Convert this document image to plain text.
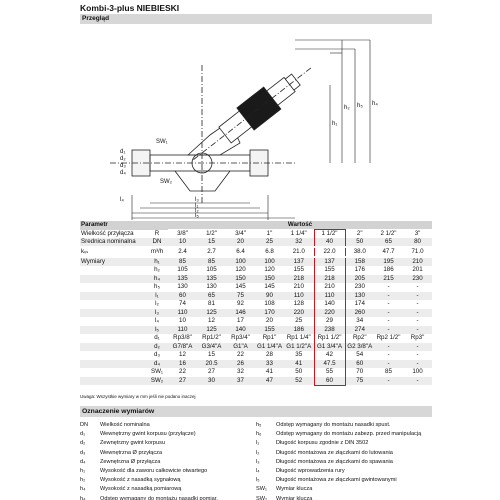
Kombi-3-plus NIEBIESKI
Przegląd
h₄
h₅
h₂
h₁
SW₁
SW₂
l₃
l₁
l₂
l₄
l₅
d₁
d₂
d₃
d₄
Parametr		Wartość								
Wielkość przyłącza	R	3/8"	1/2"	3/4"	1"	1 1/4"	1 1/2"	2"	2 1/2"	3"
Średnica nominalna	DN	10	15	20	25	32	40	50	65	80
kᵥₛ	m³/h	2.4	2.7	6.4	6.8	21.0	22.0	38.0	47.7	71.0
Wymiary	h₁	85	85	100	100	137	137	158	195	210
	h₂	105	105	120	120	155	155	176	186	201
	h₄	135	135	150	150	218	218	205	215	230
	h₅	130	130	145	145	210	210	230	-	-
	l₁	60	65	75	90	110	110	130	-	-
	l₂	74	81	92	108	128	140	174	-	-
	l₃	110	125	146	170	220	220	260	-	-
	l₄	10	12	17	20	25	29	34	-	-
	l₅	110	125	140	155	186	238	274	-	-
	d₁	Rp3/8"	Rp1/2"	Rp3/4"	Rp1"	Rp1 1/4"	Rp1 1/2"	Rp2"	Rp2 1/2"	Rp3"
	d₂	G7/8"A	G3/4"A	G1"A	G1 1/4"A	G1 1/2"A	G1 3/4"A	G2 3/8"A	-	-
	d₃	12	15	22	28	35	42	54	-	-
	d₄	16	20.5	26	33	41	47.5	60	-	-
	SW₁	22	27	32	41	50	55	70	85	100
	SW₂	27	30	37	47	52	60	75	-	-
Uwaga: Wszystkie wymiary w mm jeśli nie podano inaczej
Oznaczenie wymiarów
DN	Wielkość nominalna
d₁	Wewnętrzny gwint korpusu (przyłącze)
d₂	Zewnętrzny gwint korpusu
d₃	Wewnętrzna Ø przyłącza
d₄	Zewnętrzna Ø przyłącza
h₁	Wysokość dla zaworu całkowicie otwartego
h₂	Wysokość z nasadką sygnałową
h₄	Wysokość z nasadką pomiarową
h₄	Odstęp wymagany do montażu nasadki pomiar.
h₅	Odstęp wymagany do montażu nasadki spust.
h₆	Odstęp wymagany do montażu zabezp. przed manipulacją
l₁	Długość korpusu zgodnie z DIN 3502
l₂	Długość montażowa ze złączkami do lutowania
l₃	Długość montażowa ze złączkami do spawania
l₄	Długość wprowadzenia rury
l₅	Długość montażowa ze złączkami gwintowanymi
SW₁	Wymiar klucza
SW₂	Wymiar klucza
